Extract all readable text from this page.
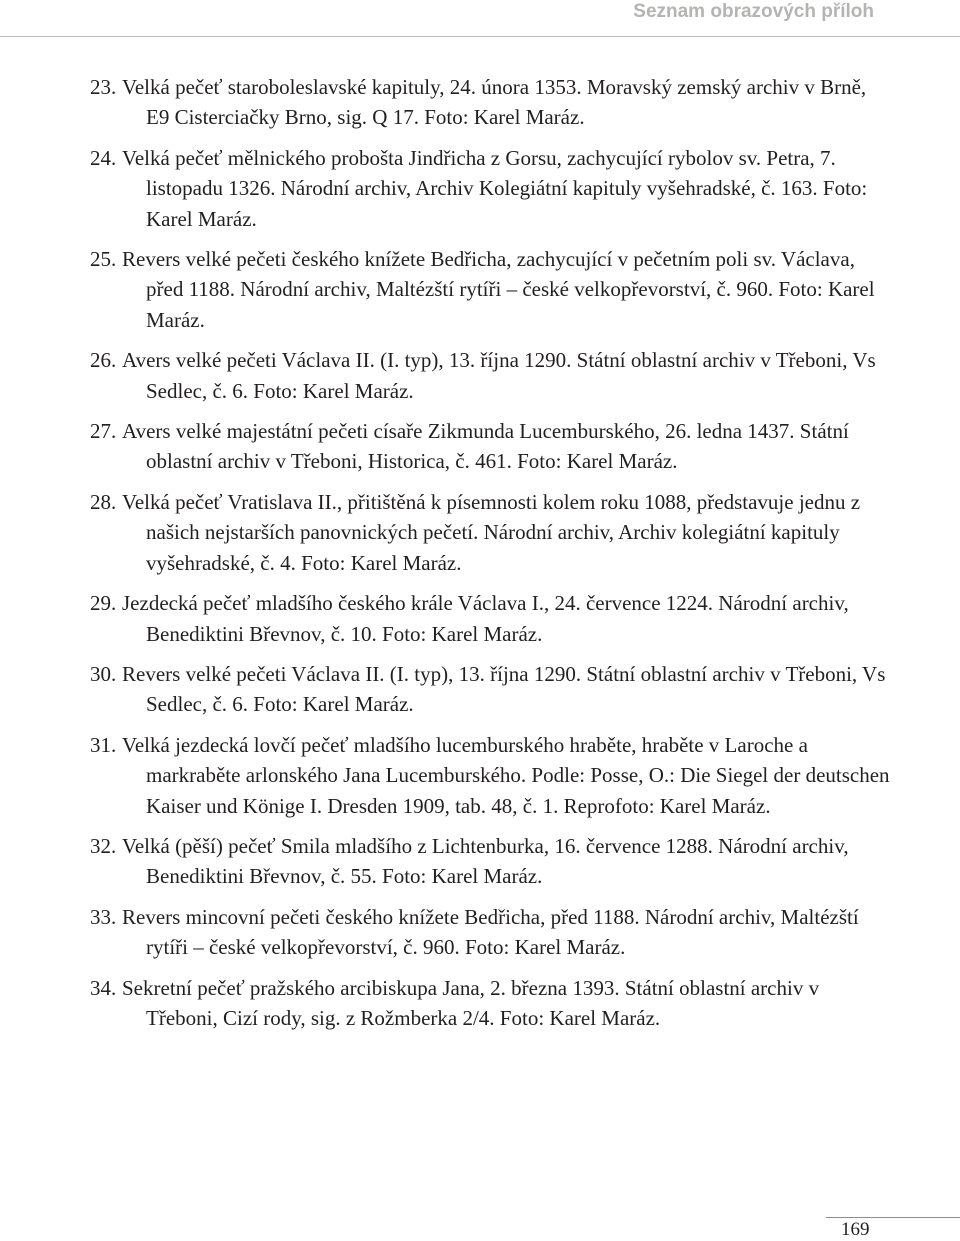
Seznam obrazových příloh
23. Velká pečeť staroboleslavské kapituly, 24. února 1353. Moravský zemský archiv v Brně, E9 Cisterciačky Brno, sig. Q 17. Foto: Karel Maráz.
24. Velká pečeť mělnického probošta Jindřicha z Gorsu, zachycující rybolov sv. Petra, 7. listopadu 1326. Národní archiv, Archiv Kolegiátní kapituly vyšehradské, č. 163. Foto: Karel Maráz.
25. Revers velké pečeti českého knížete Bedřicha, zachycující v pečetním poli sv. Václava, před 1188. Národní archiv, Maltézští rytíři – české velkopřevorství, č. 960. Foto: Karel Maráz.
26. Avers velké pečeti Václava II. (I. typ), 13. října 1290. Státní oblastní archiv v Třeboni, Vs Sedlec, č. 6. Foto: Karel Maráz.
27. Avers velké majestátní pečeti císaře Zikmunda Lucemburského, 26. ledna 1437. Státní oblastní archiv v Třeboni, Historica, č. 461. Foto: Karel Maráz.
28. Velká pečeť Vratislava II., přitištěná k písemnosti kolem roku 1088, představuje jednu z našich nejstarších panovnických pečetí. Národní archiv, Archiv kolegiátní kapituly vyšehradské, č. 4. Foto: Karel Maráz.
29. Jezdecká pečeť mladšího českého krále Václava I., 24. července 1224. Národní archiv, Benediktini Břevnov, č. 10. Foto: Karel Maráz.
30. Revers velké pečeti Václava II. (I. typ), 13. října 1290. Státní oblastní archiv v Třeboni, Vs Sedlec, č. 6. Foto: Karel Maráz.
31. Velká jezdecká lovčí pečeť mladšího lucemburského hraběte, hraběte v Laroche a markraběte arlonského Jana Lucemburského. Podle: Posse, O.: Die Siegel der deutschen Kaiser und Könige I. Dresden 1909, tab. 48, č. 1. Reprofoto: Karel Maráz.
32. Velká (pěší) pečeť Smila mladšího z Lichtenburka, 16. července 1288. Národní archiv, Benediktini Břevnov, č. 55. Foto: Karel Maráz.
33. Revers mincovní pečeti českého knížete Bedřicha, před 1188. Národní archiv, Maltézští rytíři – české velkopřevorství, č. 960. Foto: Karel Maráz.
34. Sekretní pečeť pražského arcibiskupa Jana, 2. března 1393. Státní oblastní archiv v Třeboni, Cizí rody, sig. z Rožmberka 2/4. Foto: Karel Maráz.
169
